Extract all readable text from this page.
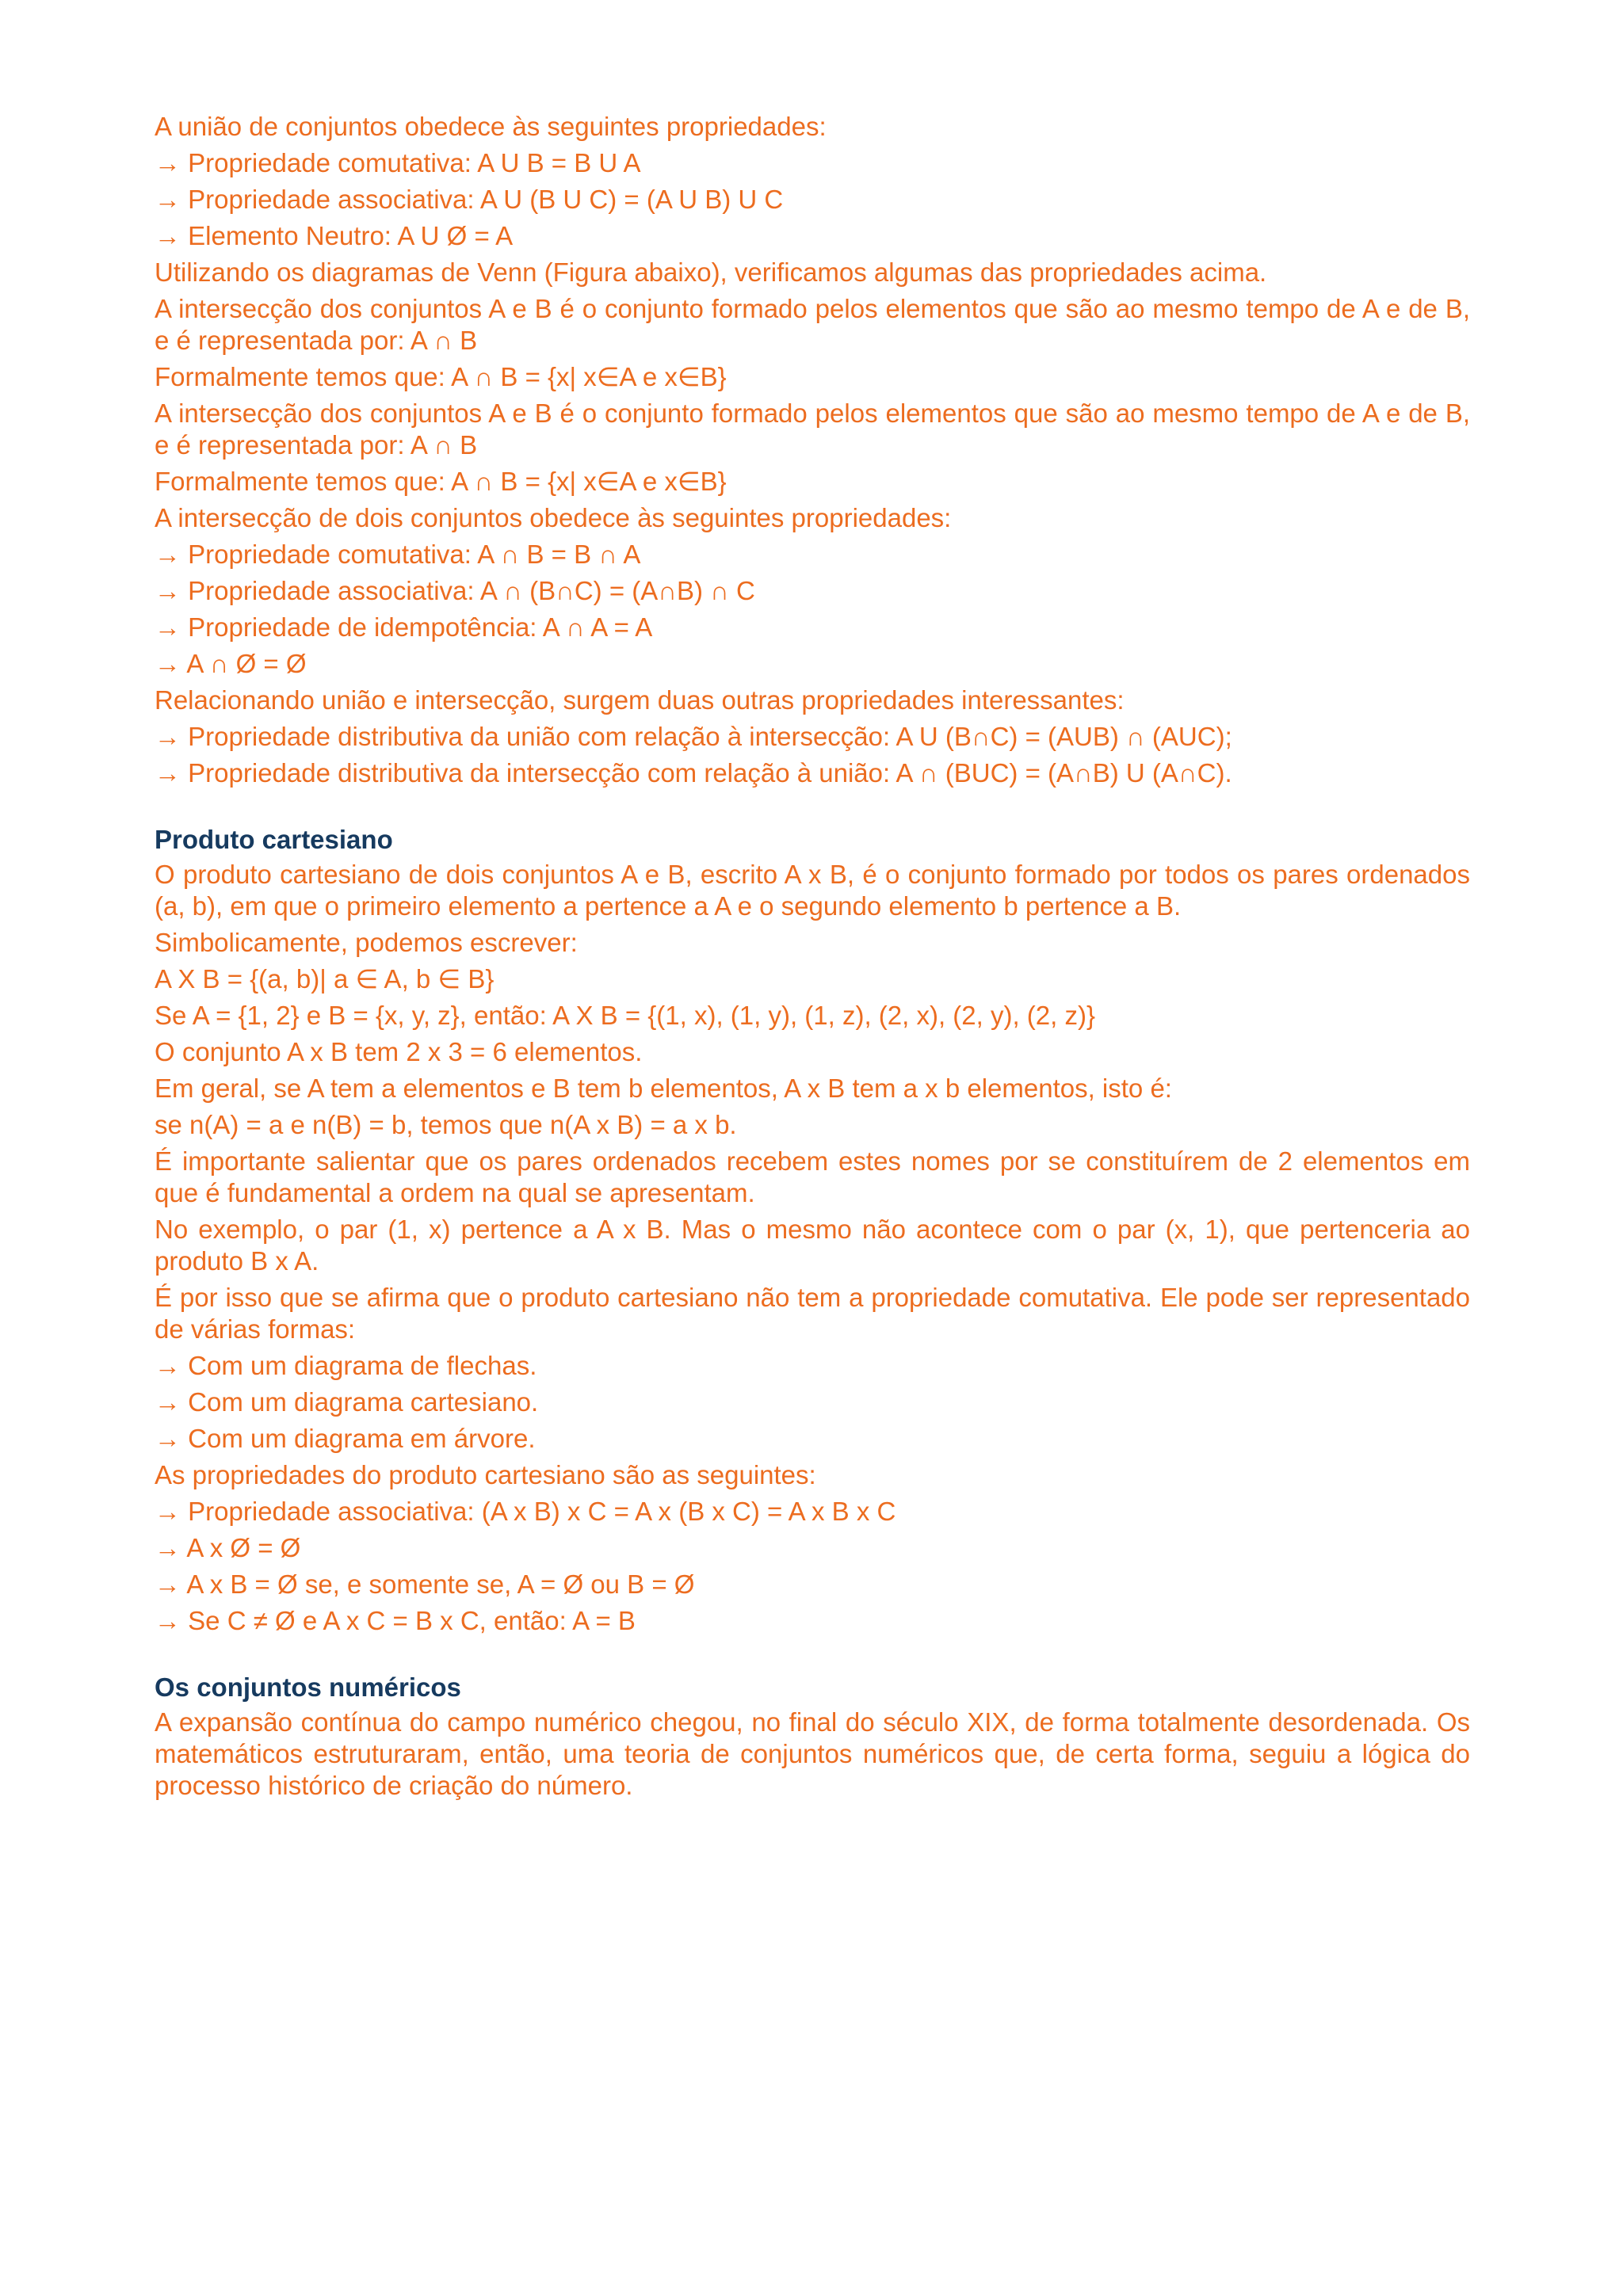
A união de conjuntos obedece às seguintes propriedades:
→ Propriedade comutativa: A U B = B U A
→ Propriedade associativa: A U (B U C) = (A U B) U C
→ Elemento Neutro: A U Ø = A
Utilizando os diagramas de Venn (Figura abaixo), verificamos algumas das propriedades acima.
A intersecção dos conjuntos A e B é o conjunto formado pelos elementos que são ao mesmo tempo de A e de B, e é representada por: A ∩ B
Formalmente temos que: A ∩ B = {x| x∈A e x∈B}
A intersecção dos conjuntos A e B é o conjunto formado pelos elementos que são ao mesmo tempo de A e de B, e é representada por: A ∩ B
Formalmente temos que: A ∩ B = {x| x∈A e x∈B}
A intersecção de dois conjuntos obedece às seguintes propriedades:
→ Propriedade comutativa: A ∩ B = B ∩ A
→ Propriedade associativa: A ∩ (B∩C) = (A∩B) ∩ C
→ Propriedade de idempotência: A ∩ A = A
→ A ∩ Ø = Ø
Relacionando união e intersecção, surgem duas outras propriedades interessantes:
→ Propriedade distributiva da união com relação à intersecção: A U (B∩C) = (AUB) ∩ (AUC);
→ Propriedade distributiva da intersecção com relação à união: A ∩ (BUC) = (A∩B) U (A∩C).
Produto cartesiano
O produto cartesiano de dois conjuntos A e B, escrito A x B, é o conjunto formado por todos os pares ordenados (a, b), em que o primeiro elemento a pertence a A e o segundo elemento b pertence a B.
Simbolicamente, podemos escrever:
A X B = {(a, b)| a ∈ A, b ∈ B}
Se A = {1, 2} e B = {x, y, z}, então: A X B = {(1, x), (1, y), (1, z), (2, x), (2, y), (2, z)}
O conjunto A x B tem 2 x 3 = 6 elementos.
Em geral, se A tem a elementos e B tem b elementos, A x B tem a x b elementos, isto é:
se n(A) = a e n(B) = b, temos que n(A x B) = a x b.
É importante salientar que os pares ordenados recebem estes nomes por se constituírem de 2 elementos em que é fundamental a ordem na qual se apresentam.
No exemplo, o par (1, x) pertence a A x B. Mas o mesmo não acontece com o par (x, 1), que pertenceria ao produto B x A.
É por isso que se afirma que o produto cartesiano não tem a propriedade comutativa. Ele pode ser representado de várias formas:
→ Com um diagrama de flechas.
→ Com um diagrama cartesiano.
→ Com um diagrama em árvore.
As propriedades do produto cartesiano são as seguintes:
→ Propriedade associativa: (A x B) x C = A x (B x C) = A x B x C
→ A x Ø = Ø
→ A x B = Ø se, e somente se, A = Ø ou B = Ø
→ Se C ≠ Ø e A x C = B x C, então: A = B
Os conjuntos numéricos
A expansão contínua do campo numérico chegou, no final do século XIX, de forma totalmente desordenada. Os matemáticos estruturaram, então, uma teoria de conjuntos numéricos que, de certa forma, seguiu a lógica do processo histórico de criação do número.
